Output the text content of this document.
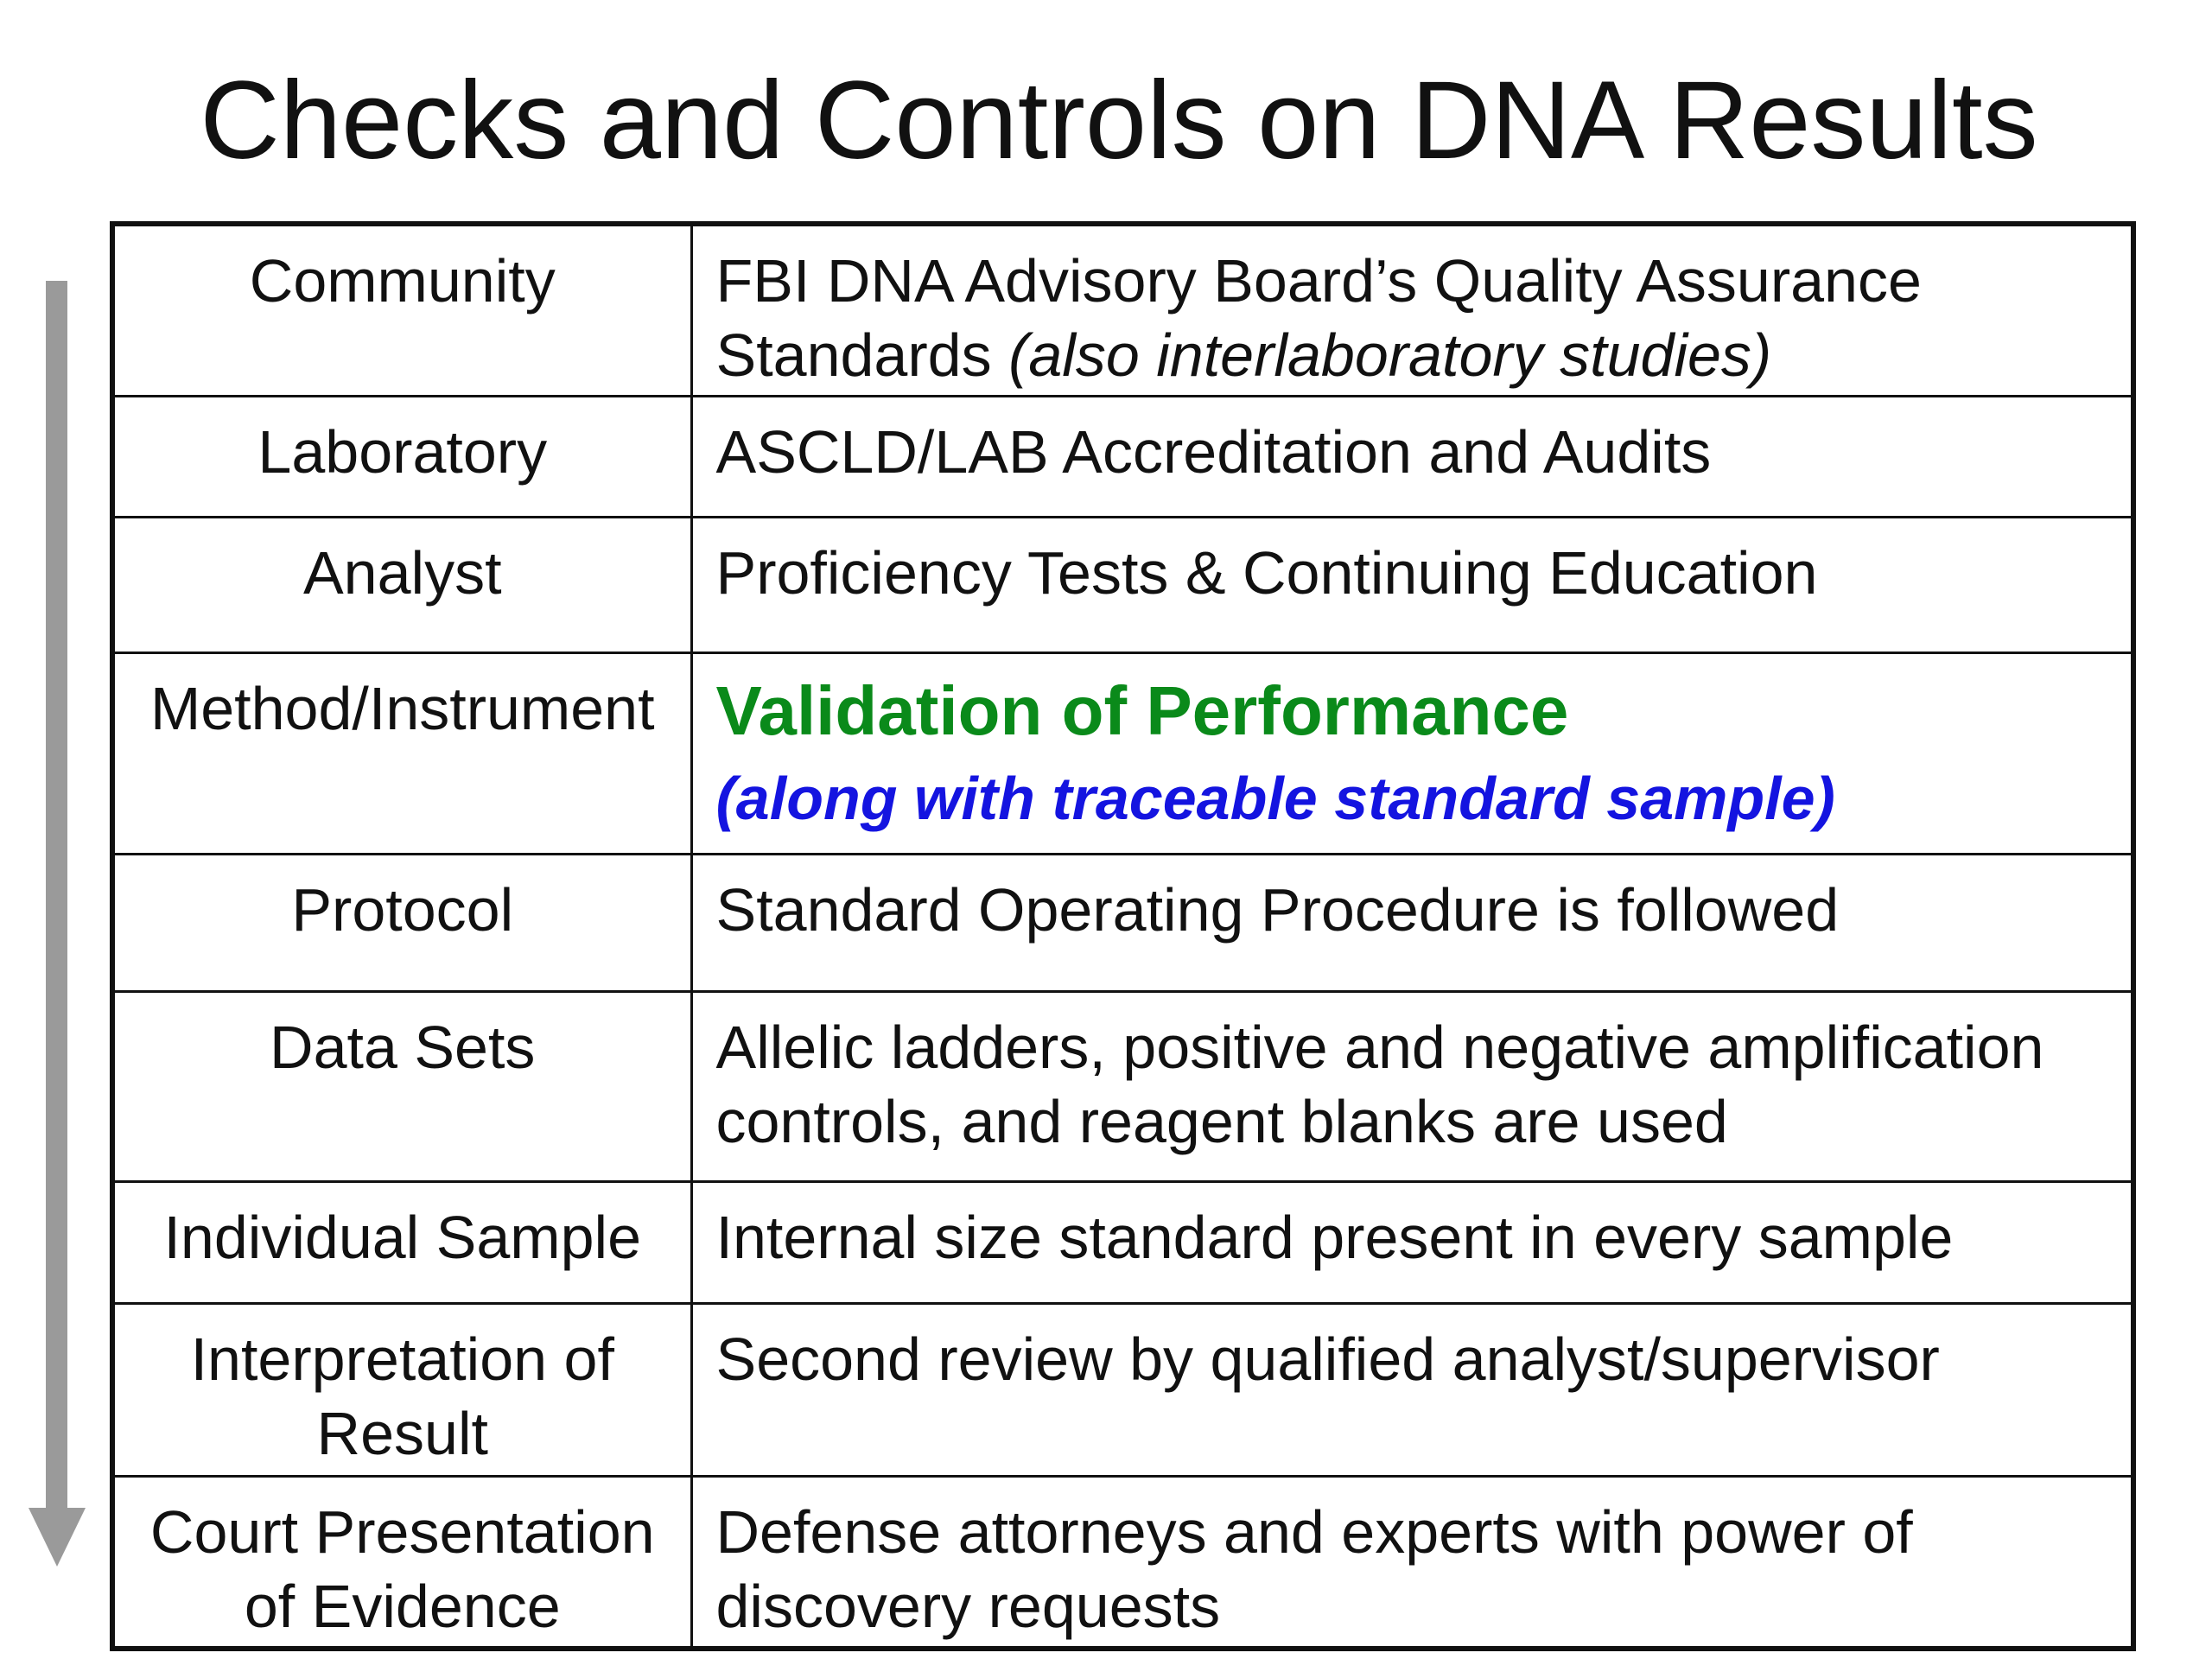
Checks and Controls on DNA Results
Community	FBI DNA Advisory Board’s Quality Assurance Standards (also interlaboratory studies)
Laboratory	ASCLD/LAB Accreditation and Audits
Analyst	Proficiency Tests & Continuing Education
Method/Instrument	Validation of Performance
(along with traceable standard sample)

Protocol	Standard Operating Procedure is followed
Data Sets	Allelic ladders, positive and negative amplification controls, and reagent blanks are used
Individual Sample	Internal size standard present in every sample
Interpretation of Result	Second review by qualified analyst/supervisor
Court Presentation of Evidence	Defense attorneys and experts with power of discovery requests
